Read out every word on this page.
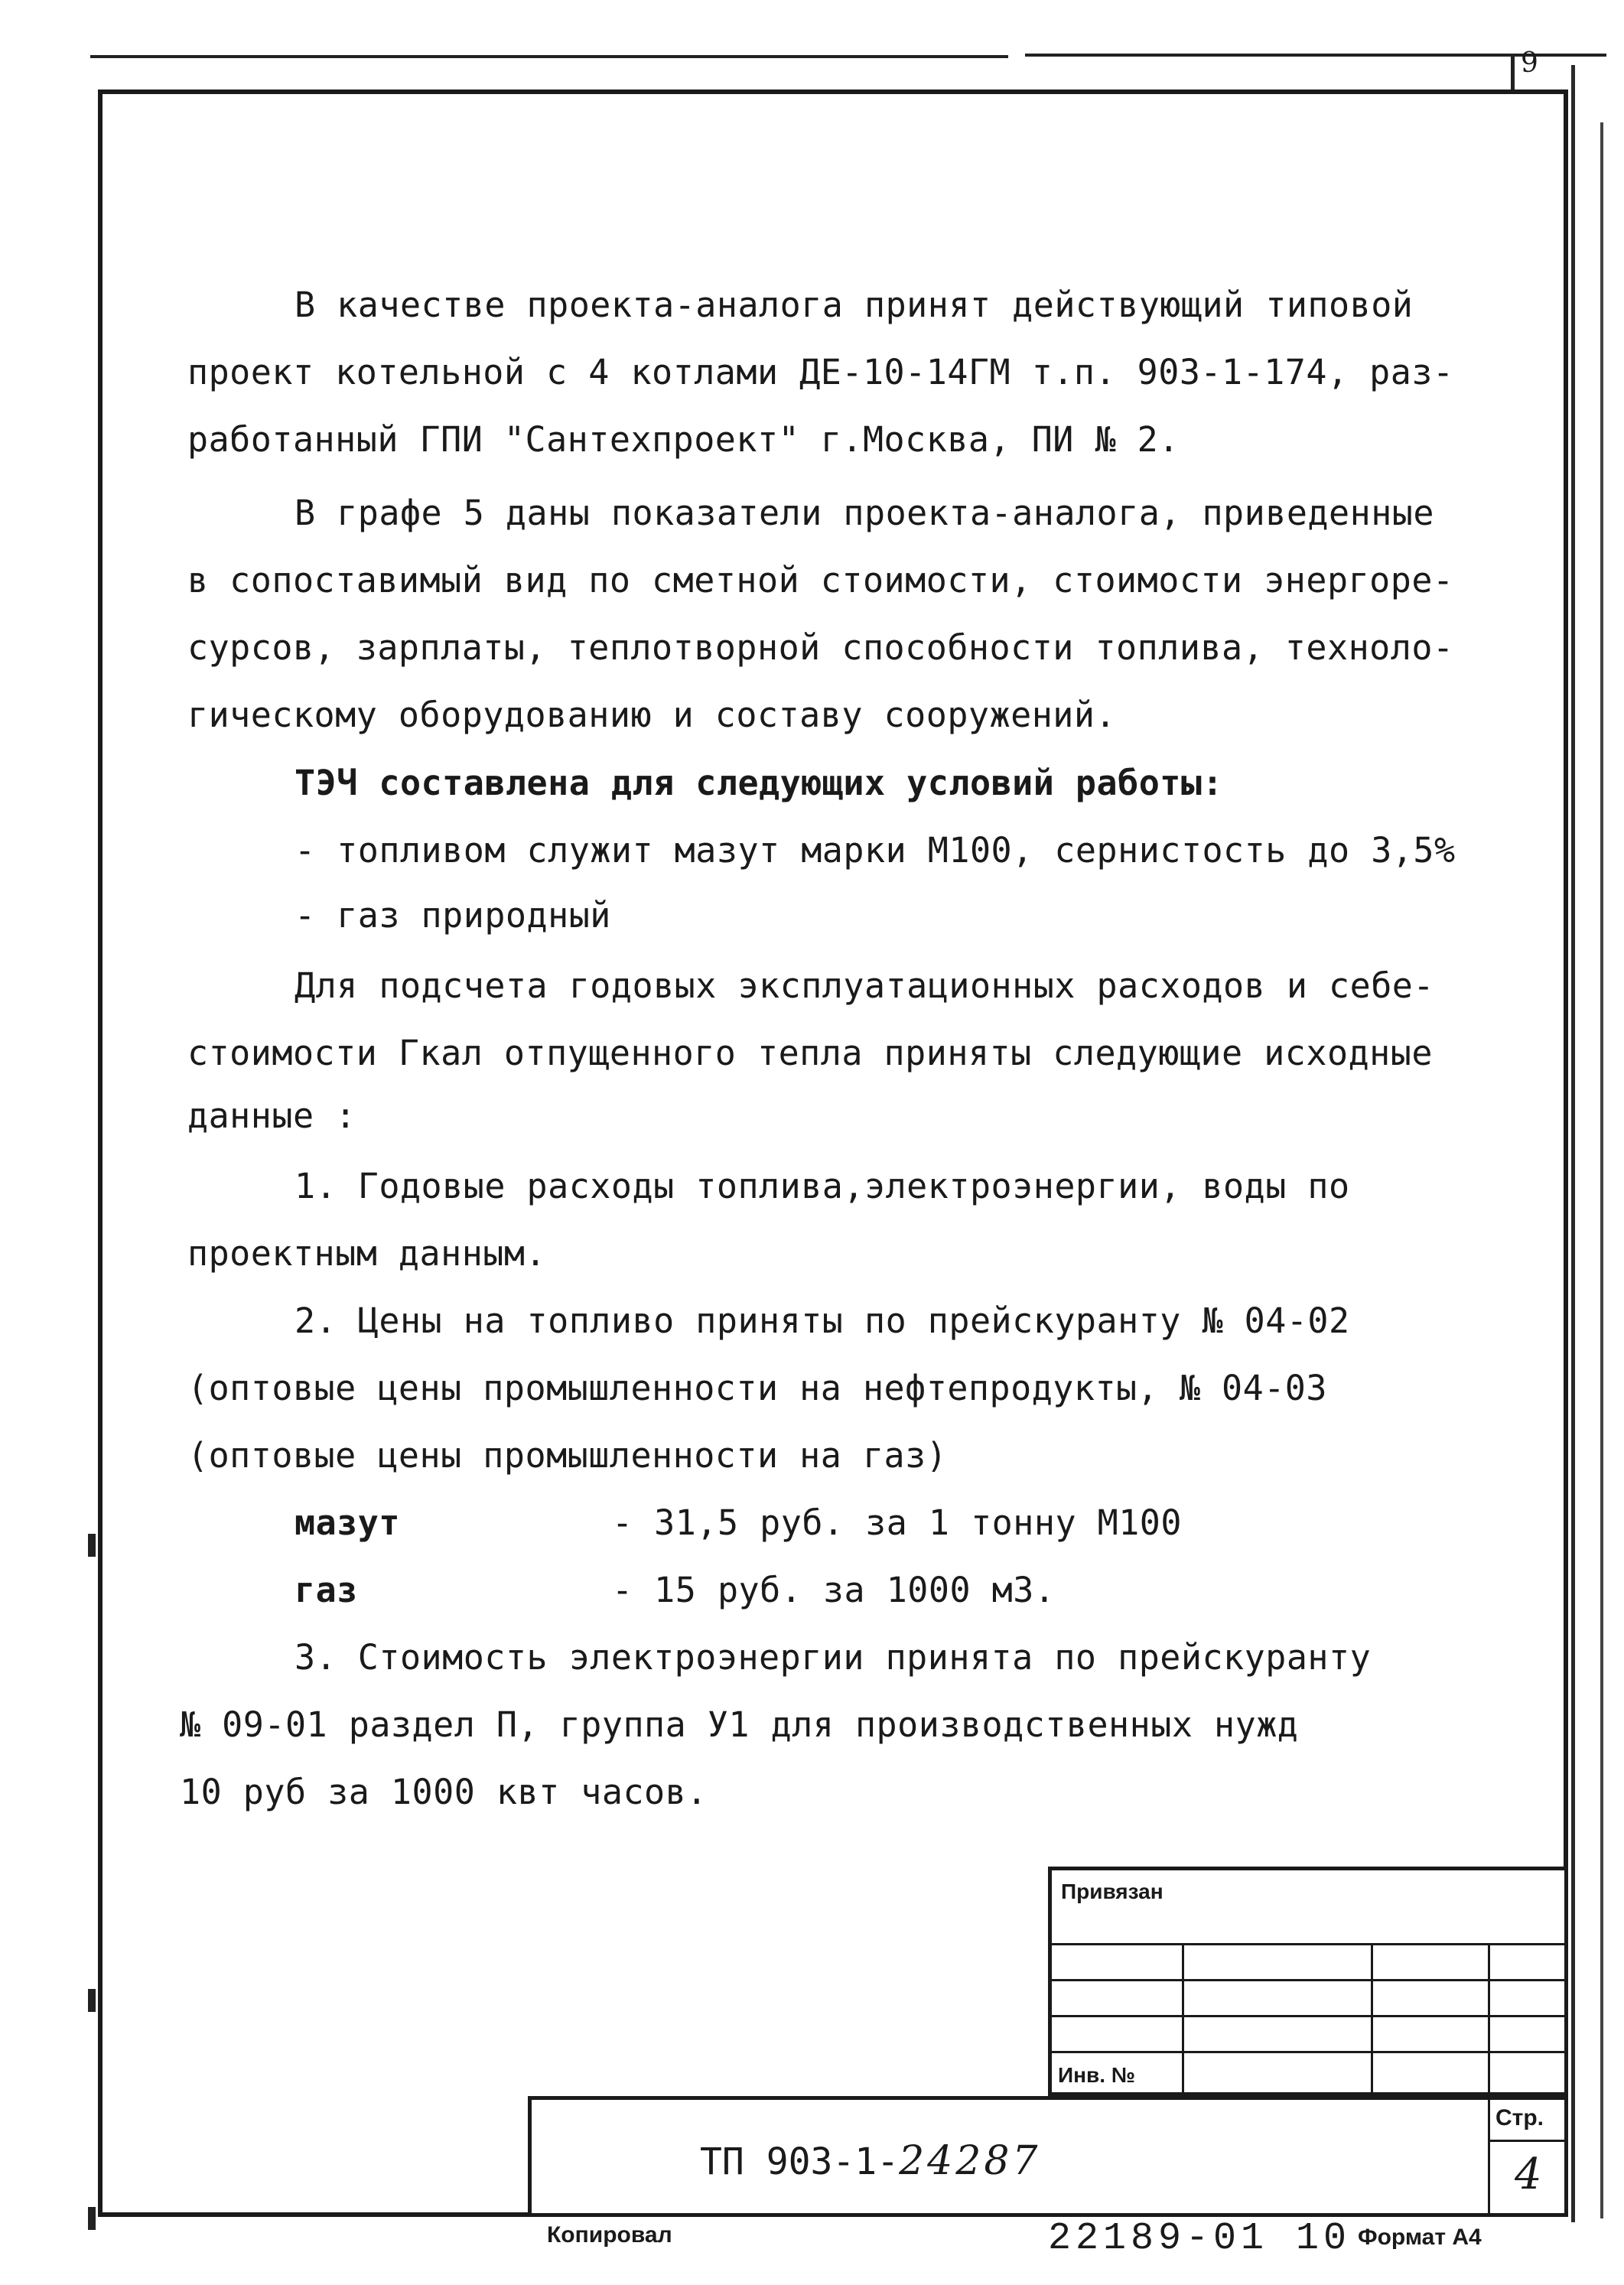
9
В качестве проекта-аналога принят действующий типовой
проект котельной с 4 котлами ДЕ-10-14ГМ т.п. 903-1-174, раз-
работанный ГПИ "Сантехпроект" г.Москва, ПИ № 2.
В графе 5 даны показатели проекта-аналога, приведенные
в сопоставимый вид по сметной стоимости, стоимости энергоре-
сурсов, зарплаты, теплотворной способности топлива, техноло-
гическому оборудованию и составу сооружений.
ТЭЧ составлена для следующих условий работы:
- топливом служит мазут марки М100, сернистость до 3,5%
- газ природный
Для подсчета годовых эксплуатационных расходов и себе-
стоимости Гкал отпущенного тепла приняты следующие исходные
данные :
1. Годовые расходы топлива,электроэнергии, воды по
проектным данным.
2. Цены на топливо приняты по прейскуранту № 04-02
(оптовые цены промышленности на нефтепродукты, № 04-03
(оптовые цены промышленности на газ)
мазут	- 31,5 руб. за 1 тонну М100
газ	- 15 руб. за 1000 м3.
3. Стоимость электроэнергии принята по прейскуранту
№ 09-01 раздел П, группа У1 для производственных нужд
10 руб за 1000 квт часов.
Привязан
Инв. №
Стр.
4
ТП 903-1-24287
Копировал	22189-01 10 Формат А4
